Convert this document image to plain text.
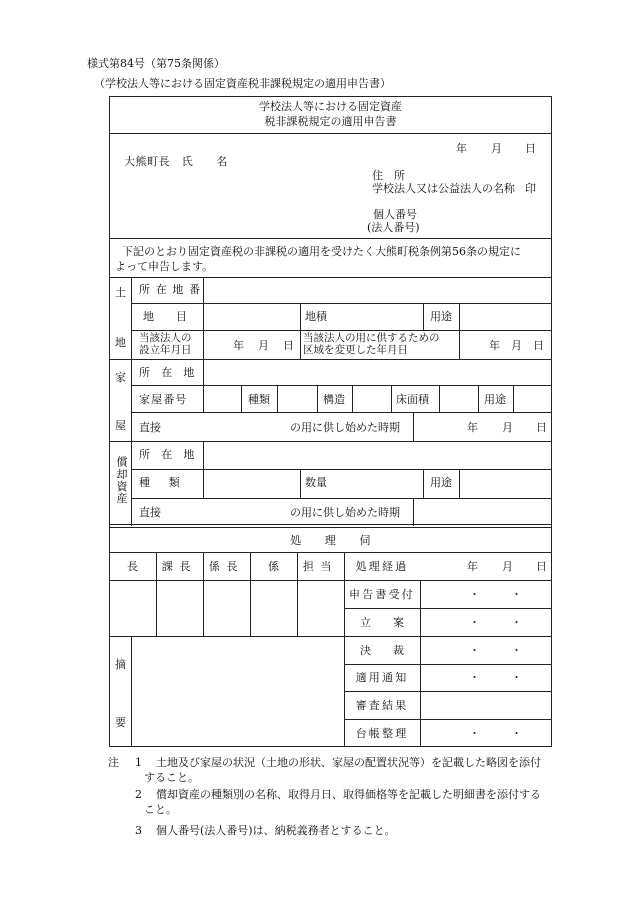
様式第84号（第75条関係）
（学校法人等における固定資産税非課税規定の適用申告書）
学校法人等における固定資産
税非課税規定の適用申告書
年 月 日
大熊町長　氏　　名
住　所
学校法人又は公益法人の名称 印
個人番号
(法人番号)
下記のとおり固定資産税の非課税の適用を受けたく大熊町税条例第56条の規定に
よって申告します。
土
地
所 在 地 番
地　　目	地積	用途
当該法人の
設立年月日	年 月 日
当該法人の用に供するための
区域を変更した年月日	年 月 日
家
屋
所 在 地
家屋番号	種類	構造	床面積	用途
直接	の用に供し始めた時期	年 月 日
償却資産
所 在 地
種　類	数量	用途
直接	の用に供し始めた時期
処　　理　　伺
長	課長	係長	係	担当	処理経過	年 月 日
申告書受付	・	・
立　　案	・	・
決　　裁	・	・
適用通知	・	・
審査結果
台帳整理	・	・
摘
要
注 1 土地及び家屋の状況（土地の形状、家屋の配置状況等）を記載した略図を添付
すること。
2 償却資産の種類別の名称、取得月日、取得価格等を記載した明細書を添付する
こと。
3 個人番号(法人番号)は、納税義務者とすること。
